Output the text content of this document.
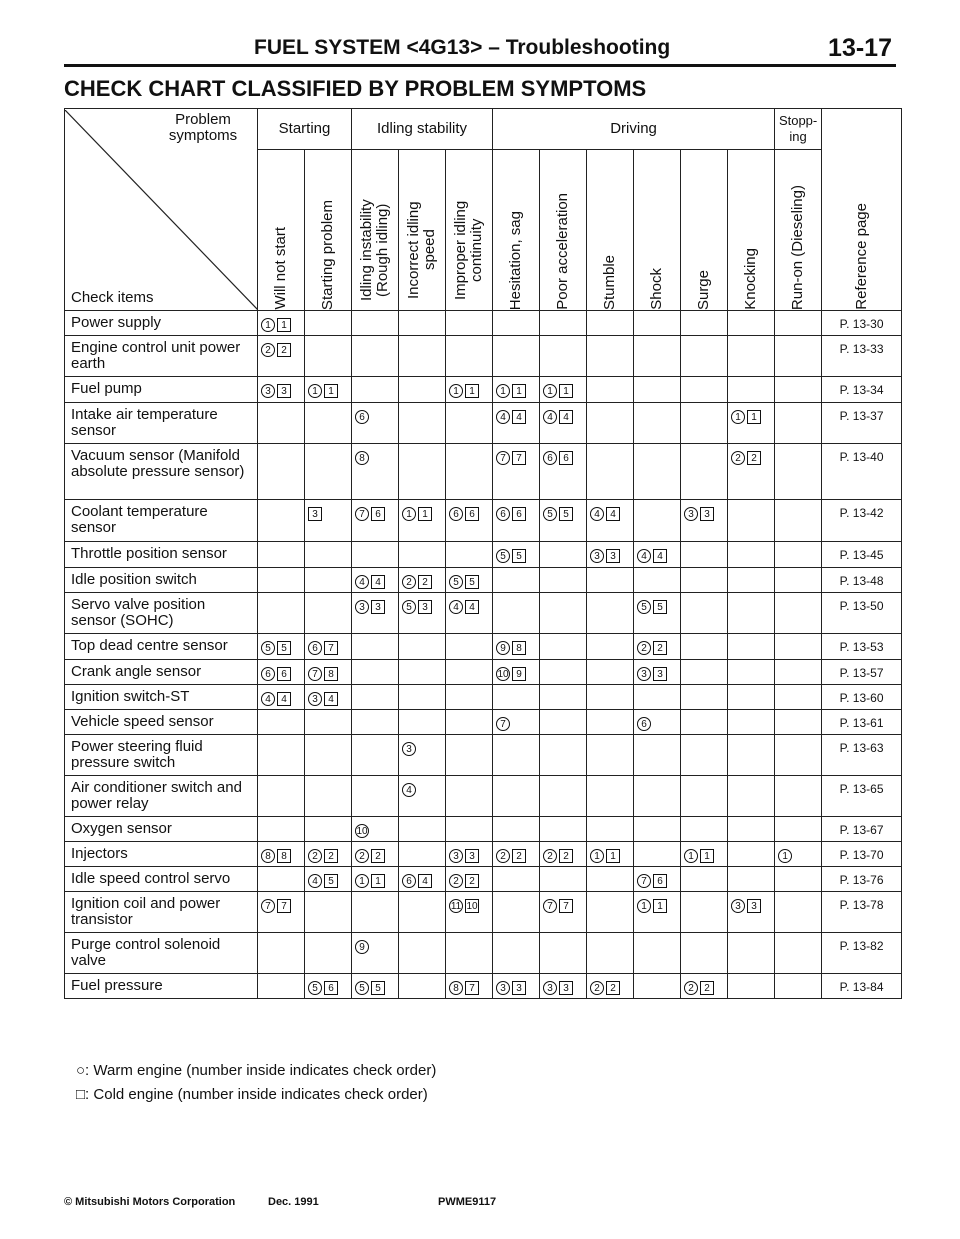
FUEL SYSTEM <4G13> – Troubleshooting	13-17
CHECK CHART CLASSIFIED BY PROBLEM SYMPTOMS
Problem symptoms
Check items	Starting		Idling stability			Driving						Stopp-ing	Reference page

	Will not start	Starting problem	Idling instability (Rough idling)	Incorrect idling speed	Improper idling continuity	Hesitation, sag	Poor acceleration	Stumble	Shock	Surge	Knocking	Run-on (Dieseling)	

Power supply	1 1												P. 13-30
Engine control unit power earth	2 2												P. 13-33
Fuel pump	3 3	1 1			1 1	1 1	1 1						P. 13-34
Intake air temperature sensor			6			4 4	4 4				1 1		P. 13-37
Vacuum sensor (Manifold absolute pressure sensor)			8			7 7	6 6				2 2		P. 13-40
Coolant temperature sensor		3	7 6	1 1	6 6	6 6	5 5	4 4		3 3			P. 13-42
Throttle position sensor						5 5		3 3	4 4				P. 13-45
Idle position switch			4 4	2 2	5 5								P. 13-48
Servo valve position sensor (SOHC)			3 3	5 3	4 4				5 5				P. 13-50
Top dead centre sensor	5 5	6 7				9 8			2 2				P. 13-53
Crank angle sensor	6 6	7 8				10 9			3 3				P. 13-57
Ignition switch-ST	4 4	3 4											P. 13-60
Vehicle speed sensor						7			6				P. 13-61
Power steering fluid pressure switch				3									P. 13-63
Air conditioner switch and power relay				4									P. 13-65
Oxygen sensor			10										P. 13-67
Injectors	8 8	2 2	2 2		3 3	2 2	2 2	1 1		1 1		1	P. 13-70
Idle speed control servo		4 5	1 1	6 4	2 2				7 6				P. 13-76
Ignition coil and power transistor	7 7				11 10		7 7		1 1		3 3		P. 13-78
Purge control solenoid valve			9										P. 13-82
Fuel pressure		5 6	5 5		8 7	3 3	3 3	2 2		2 2			P. 13-84
○: Warm engine (number inside indicates check order)
□: Cold engine (number inside indicates check order)
© Mitsubishi Motors Corporation	Dec. 1991	PWME9117
